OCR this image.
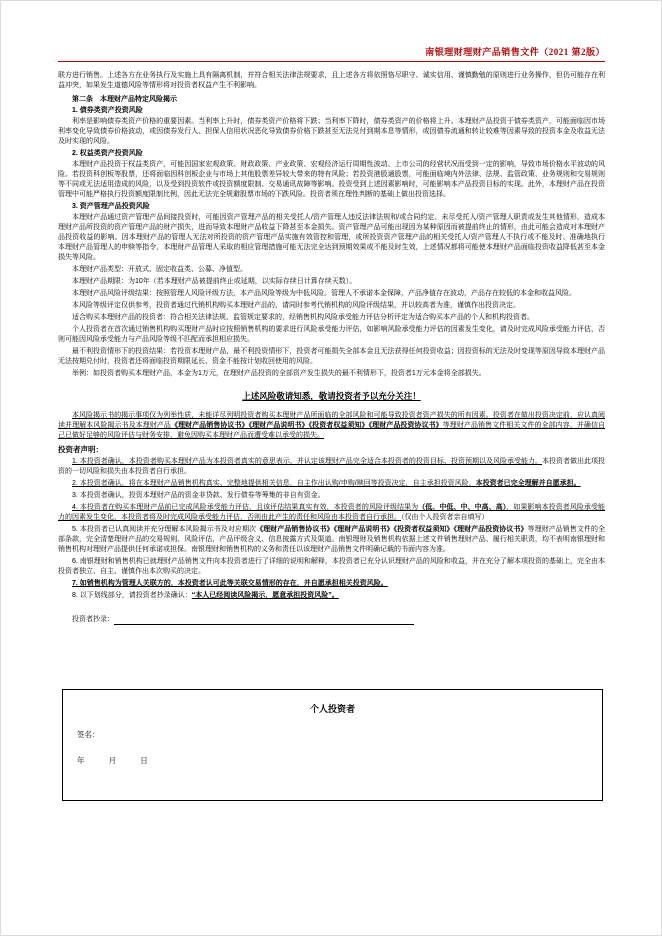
南银理财理财产品销售文件（2021 第2版）

联方进行销售。上述各方在业务执行及实施上具有隔离机制，并符合相关法律法规要求，且上述各方将依照恪尽职守、诚实信用、谨慎勤勉的原则进行业务操作，但仍可能存在利益冲突，如果发生道德风险等情形将对投资者权益产生不利影响。

第二条　本理财产品特定风险揭示

1. 债券类资产投资风险

利率是影响债券类资产价格的重要因素。当利率上升时，债券类资产价格将下跌；当利率下降时，债券类资产的价格将上升。本理财产品投资于债券类资产，可能面临因市场利率变化导致债券价格波动，或因债券发行人、担保人信用状况恶化导致债券价格下跌甚至无法兑付到期本息等情形，或因债券流通和转让较难等因素导致的投资本金及收益无法及时实现的风险。

2. 权益类资产投资风险

本理财产品投资于权益类资产，可能因国家宏观政策、财政政策、产业政策、宏观经济运行周期性波动、上市公司的经营状况而受到一定的影响，导致市场价格水平波动的风险。若投资科创板等股票，还将面临因科创板企业与市场上其他股票差异较大带来的特有风险；若投资港股通股票，可能面临境内外法律、法规、监管政策、业务规则和交易规则等不同或无法适用造成的风险，以及受到投资软件或投资额度限制、交易通讯故障等影响。投资受到上述因素影响时，可能影响本产品投资目标的实现。此外，本理财产品在投资管理中可能严格执行投资额度限制比例，因此无法完全规避股票市场的下跌风险。投资者须在理性判断的基础上做出投资选择。

3. 资产管理产品投资风险

本理财产品通过资产管理产品间接投资时，可能因资产管理产品的相关受托人/资产管理人违反法律法规和/或合同约定、未尽受托人/资产管理人职责或发生其他情形，造成本理财产品所投资的资产管理产品的财产损失，进而导致本理财产品收益下降甚至本金损失。资产管理产品可能出现因为某种原因而被提前终止的情形，由此可能会造成对本理财产品投资收益的影响。因本理财产品的管理人无法对所投资的资产管理产品实施有效管控和管理，或所投资资产管理产品的相关受托人/资产管理人不执行或不能及时、准确地执行本理财产品管理人的申赎等指令，本理财产品管理人采取的相应管理措施可能无法完全达到预期效果或不能及时生效，上述情况都将可能使本理财产品面临投资收益降低甚至本金损失等风险。

本理财产品类型：开放式、固定收益类、公募、净值型。

本理财产品期限：为10年（若本理财产品被提前终止或延期，以实际存续日计算存续天数）。

本理财产品风险评级结果：按照管理人风险评级方法，本产品风险等级为中低风险。管理人不承诺本金保障，产品净值存在波动，产品存在较低的本金和收益风险。

本风险等级评定仅供参考，投资者通过代销机构购买本理财产品的，请同时参考代销机构的风险评级结果，并以较高者为准，谨慎作出投资决定。

适合购买本理财产品的投资者：符合相关法律法规、监管规定要求的，经销售机构风险承受能力评估分析评定为适合购买本产品的个人和机构投资者。

个人投资者在首次通过销售机构购买理财产品时应按照销售机构的要求进行风险承受能力评估，如影响风险承受能力评估的因素发生变化，请及时完成风险承受能力评估，否则可能因风险承受能力与产品风险等级不匹配而承担相应损失。

最不利投资情形下的投资结果：若投资本理财产品，最不利投资情形下，投资者可能损失全部本金且无法获得任何投资收益；因投资标的无法及时变现等原因导致本理财产品无法按期兑付时，投资者还将面临投资期限延长、资金不能按计划收回使用的风险。

举例：如投资者购买本理财产品，本金为1万元，在理财产品投资的全部资产发生损失的最不利情形下，投资者1万元本金将全部损失。

上述风险敬请知悉，敬请投资者予以充分关注！

本风险揭示书的揭示事项仅为列举性质，未能详尽列明投资者购买本理财产品所面临的全部风险和可能导致投资者资产损失的所有因素。投资者在做出投资决定前，应认真阅读并理解本风险揭示书及本理财产品《理财产品销售协议书》《理财产品说明书》《投资者权益须知》《理财产品投资协议书》等理财产品销售文件相关文件的全部内容，并确信自己已做好足够的风险评估与财务安排，避免因购买本理财产品而遭受难以承受的损失。

投资者声明：

1. 本投资者确认，本投资者购买本理财产品为本投资者真实的意思表示，并认定该理财产品完全适合本投资者的投资目标、投资预期以及风险承受能力。本投资者做出此项投资的一切风险和损失由本投资者自行承担。

2. 本投资者确认，将在本理财产品销售机构真实、完整地提供相关信息，自主作出认购/申购/赎回等投资决定，自主承担投资风险，本投资者已完全理解并自愿承担。

3. 本投资者确认，投资本理财产品的资金非贷款、发行债券等筹集的非自有资金。

4. 本投资者在购买本理财产品前已完成风险承受能力评估，且该评估结果真实有效，本投资者的风险评级结果为（低、中低、中、中高、高），如果影响本投资者风险承受能力的因素发生变化，本投资者将及时完成风险承受能力评估，否则由此产生的责任和风险由本投资者自行承担。（仅由个人投资者亲自填写）

5. 本投资者已认真阅读并充分理解本风险揭示书及对应期次《理财产品销售协议书》《理财产品说明书》《投资者权益须知》《理财产品投资协议书》等理财产品销售文件的全部条款，完全清楚理财产品的交易规则、风险评估、产品评级含义、信息披露方式及渠道。南银理财及销售机构依据上述文件销售理财产品、履行相关职责，均不表明南银理财和销售机构对理财产品提供任何承诺或担保。南银理财和销售机构的义务和责任以该理财产品销售文件明确记载的书面内容为准。

6. 南银理财和销售机构已就理财产品销售文件向本投资者进行了详细的说明和解释，本投资者已充分认识理财产品的风险和收益，并在充分了解本项投资的基础上，完全由本投资者独立、自主、谨慎作出本次购买的决定。

7. 如销售机构为管理人关联方的，本投资者认可此等关联交易情形的存在，并自愿承担相关投资风险。

8. 以下划线部分，请投资者抄录确认：“本人已经阅读风险揭示，愿意承担投资风险”。

投资者抄录：

个人投资者

签名：

年	月	日
